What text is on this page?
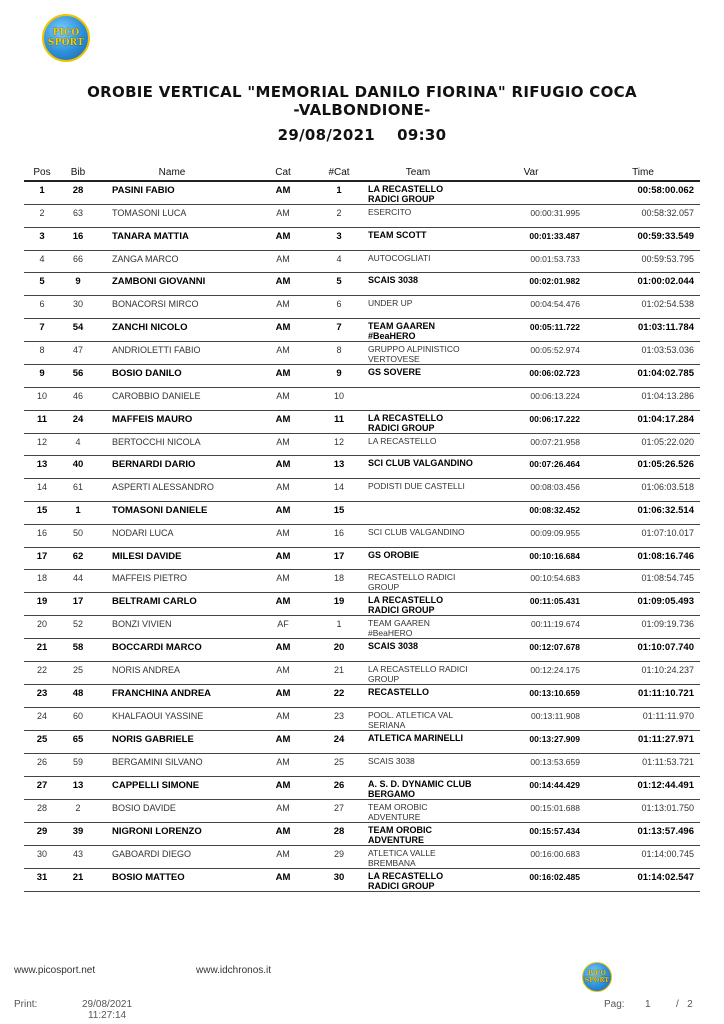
PICO
SPORT
OROBIE VERTICAL "MEMORIAL DANILO FIORINA" RIFUGIO COCA
-VALBONDIONE-
29/08/2021    09:30
Pos	Bib	Name	Cat	#Cat	Team	Var	Time
1	28	PASINI FABIO	AM	1	LA RECASTELLO RADICI GROUP		00:58:00.062
2	63	TOMASONI LUCA	AM	2	ESERCITO	00:00:31.995	00:58:32.057
3	16	TANARA MATTIA	AM	3	TEAM SCOTT	00:01:33.487	00:59:33.549
4	66	ZANGA MARCO	AM	4	AUTOCOGLIATI	00:01:53.733	00:59:53.795
5	9	ZAMBONI GIOVANNI	AM	5	SCAIS 3038	00:02:01.982	01:00:02.044
6	30	BONACORSI MIRCO	AM	6	UNDER UP	00:04:54.476	01:02:54.538
7	54	ZANCHI NICOLO	AM	7	TEAM GAAREN #BeaHERO	00:05:11.722	01:03:11.784
8	47	ANDRIOLETTI FABIO	AM	8	GRUPPO ALPINISTICO VERTOVESE	00:05:52.974	01:03:53.036
9	56	BOSIO DANILO	AM	9	GS SOVERE	00:06:02.723	01:04:02.785
10	46	CAROBBIO DANIELE	AM	10		00:06:13.224	01:04:13.286
11	24	MAFFEIS MAURO	AM	11	LA RECASTELLO RADICI GROUP	00:06:17.222	01:04:17.284
12	4	BERTOCCHI NICOLA	AM	12	LA RECASTELLO	00:07:21.958	01:05:22.020
13	40	BERNARDI DARIO	AM	13	SCI CLUB VALGANDINO	00:07:26.464	01:05:26.526
14	61	ASPERTI ALESSANDRO	AM	14	PODISTI DUE CASTELLI	00:08:03.456	01:06:03.518
15	1	TOMASONI DANIELE	AM	15		00:08:32.452	01:06:32.514
16	50	NODARI LUCA	AM	16	SCI CLUB VALGANDINO	00:09:09.955	01:07:10.017
17	62	MILESI DAVIDE	AM	17	GS OROBIE	00:10:16.684	01:08:16.746
18	44	MAFFEIS PIETRO	AM	18	RECASTELLO RADICI GROUP	00:10:54.683	01:08:54.745
19	17	BELTRAMI CARLO	AM	19	LA RECASTELLO RADICI GROUP	00:11:05.431	01:09:05.493
20	52	BONZI VIVIEN	AF	1	TEAM GAAREN #BeaHERO	00:11:19.674	01:09:19.736
21	58	BOCCARDI MARCO	AM	20	SCAIS 3038	00:12:07.678	01:10:07.740
22	25	NORIS ANDREA	AM	21	LA RECASTELLO RADICI GROUP	00:12:24.175	01:10:24.237
23	48	FRANCHINA ANDREA	AM	22	RECASTELLO	00:13:10.659	01:11:10.721
24	60	KHALFAOUI YASSINE	AM	23	POOL. ATLETICA VAL SERIANA	00:13:11.908	01:11:11.970
25	65	NORIS GABRIELE	AM	24	ATLETICA MARINELLI	00:13:27.909	01:11:27.971
26	59	BERGAMINI SILVANO	AM	25	SCAIS 3038	00:13:53.659	01:11:53.721
27	13	CAPPELLI SIMONE	AM	26	A. S. D. DYNAMIC CLUB BERGAMO	00:14:44.429	01:12:44.491
28	2	BOSIO DAVIDE	AM	27	TEAM OROBIC ADVENTURE	00:15:01.688	01:13:01.750
29	39	NIGRONI LORENZO	AM	28	TEAM OROBIC ADVENTURE	00:15:57.434	01:13:57.496
30	43	GABOARDI DIEGO	AM	29	ATLETICA VALLE BREMBANA	00:16:00.683	01:14:00.745
31	21	BOSIO MATTEO	AM	30	LA RECASTELLO RADICI GROUP	00:16:02.485	01:14:02.547
www.picosport.net	www.idchronos.it	PICO
SPORT
Print:	29/08/2021
11:27:14
Pag: 1	/ 2
